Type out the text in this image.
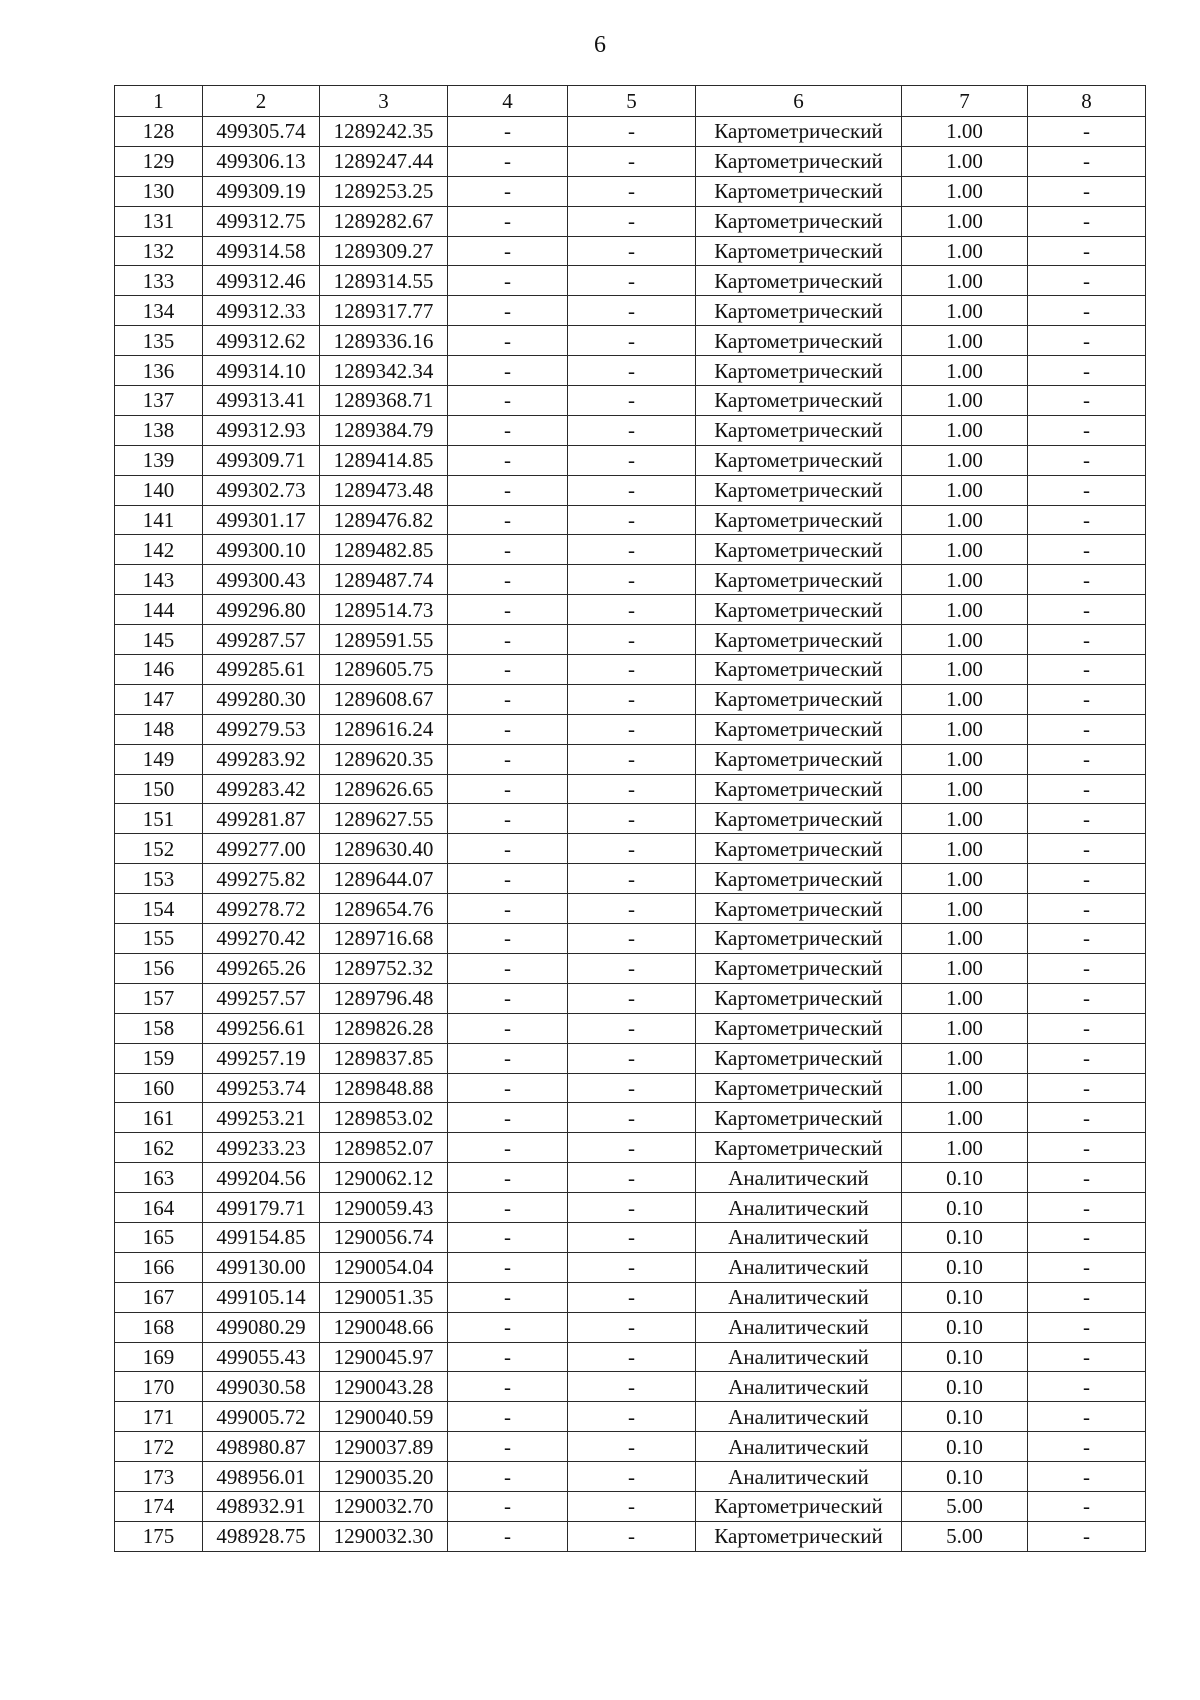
6
1	2	3	4	5	6	7	8
128	499305.74	1289242.35	-	-	Картометрический	1.00	-
129	499306.13	1289247.44	-	-	Картометрический	1.00	-
130	499309.19	1289253.25	-	-	Картометрический	1.00	-
131	499312.75	1289282.67	-	-	Картометрический	1.00	-
132	499314.58	1289309.27	-	-	Картометрический	1.00	-
133	499312.46	1289314.55	-	-	Картометрический	1.00	-
134	499312.33	1289317.77	-	-	Картометрический	1.00	-
135	499312.62	1289336.16	-	-	Картометрический	1.00	-
136	499314.10	1289342.34	-	-	Картометрический	1.00	-
137	499313.41	1289368.71	-	-	Картометрический	1.00	-
138	499312.93	1289384.79	-	-	Картометрический	1.00	-
139	499309.71	1289414.85	-	-	Картометрический	1.00	-
140	499302.73	1289473.48	-	-	Картометрический	1.00	-
141	499301.17	1289476.82	-	-	Картометрический	1.00	-
142	499300.10	1289482.85	-	-	Картометрический	1.00	-
143	499300.43	1289487.74	-	-	Картометрический	1.00	-
144	499296.80	1289514.73	-	-	Картометрический	1.00	-
145	499287.57	1289591.55	-	-	Картометрический	1.00	-
146	499285.61	1289605.75	-	-	Картометрический	1.00	-
147	499280.30	1289608.67	-	-	Картометрический	1.00	-
148	499279.53	1289616.24	-	-	Картометрический	1.00	-
149	499283.92	1289620.35	-	-	Картометрический	1.00	-
150	499283.42	1289626.65	-	-	Картометрический	1.00	-
151	499281.87	1289627.55	-	-	Картометрический	1.00	-
152	499277.00	1289630.40	-	-	Картометрический	1.00	-
153	499275.82	1289644.07	-	-	Картометрический	1.00	-
154	499278.72	1289654.76	-	-	Картометрический	1.00	-
155	499270.42	1289716.68	-	-	Картометрический	1.00	-
156	499265.26	1289752.32	-	-	Картометрический	1.00	-
157	499257.57	1289796.48	-	-	Картометрический	1.00	-
158	499256.61	1289826.28	-	-	Картометрический	1.00	-
159	499257.19	1289837.85	-	-	Картометрический	1.00	-
160	499253.74	1289848.88	-	-	Картометрический	1.00	-
161	499253.21	1289853.02	-	-	Картометрический	1.00	-
162	499233.23	1289852.07	-	-	Картометрический	1.00	-
163	499204.56	1290062.12	-	-	Аналитический	0.10	-
164	499179.71	1290059.43	-	-	Аналитический	0.10	-
165	499154.85	1290056.74	-	-	Аналитический	0.10	-
166	499130.00	1290054.04	-	-	Аналитический	0.10	-
167	499105.14	1290051.35	-	-	Аналитический	0.10	-
168	499080.29	1290048.66	-	-	Аналитический	0.10	-
169	499055.43	1290045.97	-	-	Аналитический	0.10	-
170	499030.58	1290043.28	-	-	Аналитический	0.10	-
171	499005.72	1290040.59	-	-	Аналитический	0.10	-
172	498980.87	1290037.89	-	-	Аналитический	0.10	-
173	498956.01	1290035.20	-	-	Аналитический	0.10	-
174	498932.91	1290032.70	-	-	Картометрический	5.00	-
175	498928.75	1290032.30	-	-	Картометрический	5.00	-
